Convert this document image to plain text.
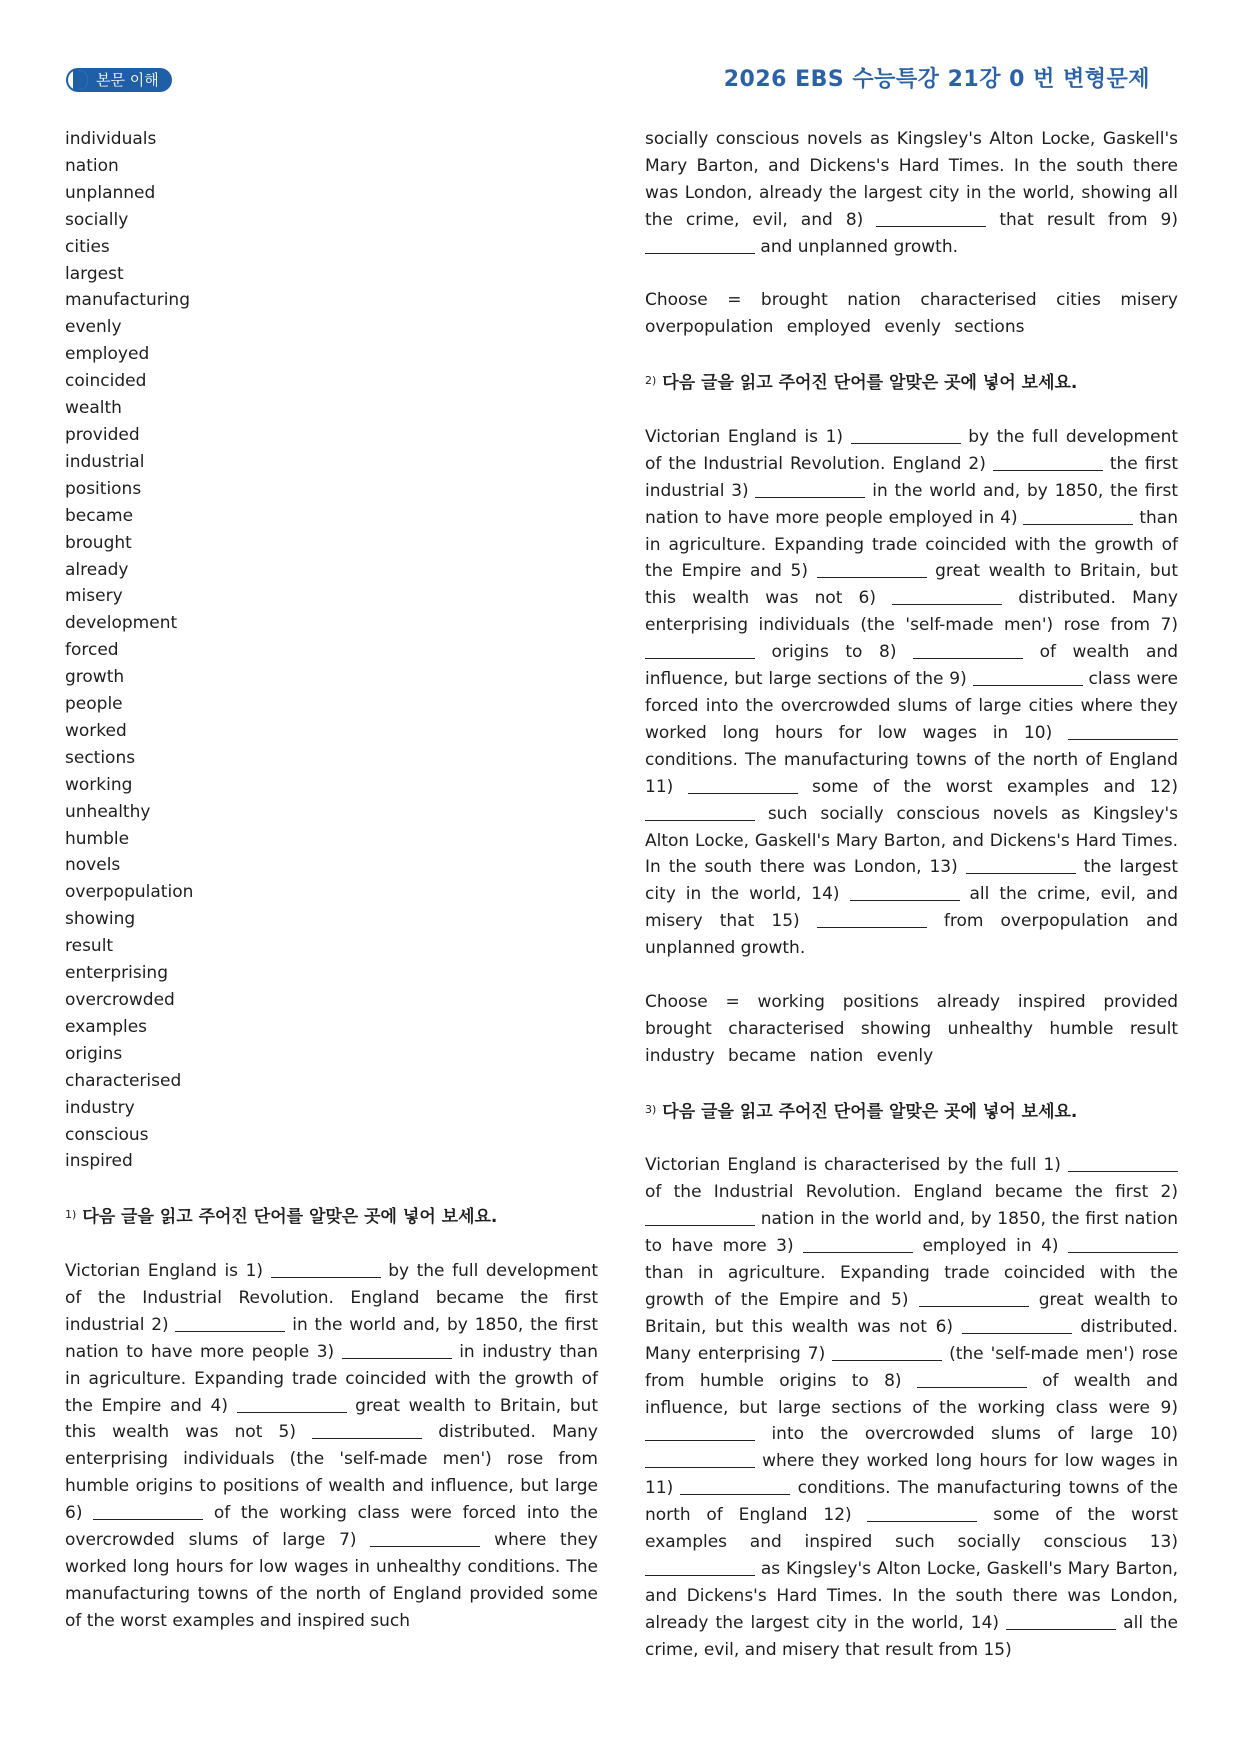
본문 이해	2026 EBS 수능특강 21강 0 번 변형문제
individuals
nation
unplanned
socially
cities
largest
manufacturing
evenly
employed
coincided
wealth
provided
industrial
positions
became
brought
already
misery
development
forced
growth
people
worked
sections
working
unhealthy
humble
novels
overpopulation
showing
result
enterprising
overcrowded
examples
origins
characterised
industry
conscious
inspired

$^{1)}$ 다음 글을 읽고 주어진 단어를 알맞은 곳에 넣어 보세요.

Victorian England is 1)	by the full development of the Industrial Revolution. England became the first industrial 2)	in the world and, by 1850, the first nation to have more people 3)	in industry than in agriculture. Expanding trade coincided with the growth of the Empire and 4)	great wealth to Britain, but this wealth was not 5)	distributed. Many enterprising individuals (the 'self-made men') rose from humble origins to positions of wealth and influence, but large 6)	of the working class were forced into the overcrowded slums of large 7)	where they worked long hours for low wages in unhealthy conditions. The manufacturing towns of the north of England provided some of the worst examples and inspired such

socially conscious novels as Kingsley's Alton Locke, Gaskell's Mary Barton, and Dickens's Hard Times. In the south there was London, already the largest city in the world, showing all the crime, evil, and 8)	that result from 9)  and unplanned growth.

Choose = brought nation characterised cities misery overpopulation employed evenly sections

$^{2)}$ 다음 글을 읽고 주어진 단어를 알맞은 곳에 넣어 보세요.

Victorian England is 1)	by the full development of the Industrial Revolution. England 2)	the first industrial 3)	in the world and, by 1850, the first nation to have more people employed in 4)	than in agriculture. Expanding trade coincided with the growth of the Empire and 5)	great wealth to Britain, but this wealth was not 6)	distributed. Many enterprising individuals (the 'self-made men') rose from 7)  origins to 8)	of wealth and influence, but large sections of the 9)	class were forced into the overcrowded slums of large cities where they worked long hours for low wages in 10)  conditions. The manufacturing towns of the north of England 11)	some of the worst examples and 12)  such socially conscious novels as Kingsley's Alton Locke, Gaskell's Mary Barton, and Dickens's Hard Times. In the south there was London, 13)	the largest city in the world, 14)	all the crime, evil, and misery that 15)	from overpopulation and unplanned growth.

Choose = working positions already inspired provided brought characterised showing unhealthy humble result industry became nation evenly

$^{3)}$ 다음 글을 읽고 주어진 단어를 알맞은 곳에 넣어 보세요.

Victorian England is characterised by the full 1)  of the Industrial Revolution. England became the first 2)  nation in the world and, by 1850, the first nation to have more 3)	employed in 4)  than in agriculture. Expanding trade coincided with the growth of the Empire and 5)	great wealth to Britain, but this wealth was not 6)	distributed. Many enterprising 7)	(the 'self-made men') rose from humble origins to 8)	of wealth and influence, but large sections of the working class were 9)  into the overcrowded slums of large 10)  where they worked long hours for low wages in 11)	conditions. The manufacturing towns of the north of England 12)	some of the worst examples and inspired such socially conscious 13)  as Kingsley's Alton Locke, Gaskell's Mary Barton, and Dickens's Hard Times. In the south there was London, already the largest city in the world, 14)	all the crime, evil, and misery that result from 15)
